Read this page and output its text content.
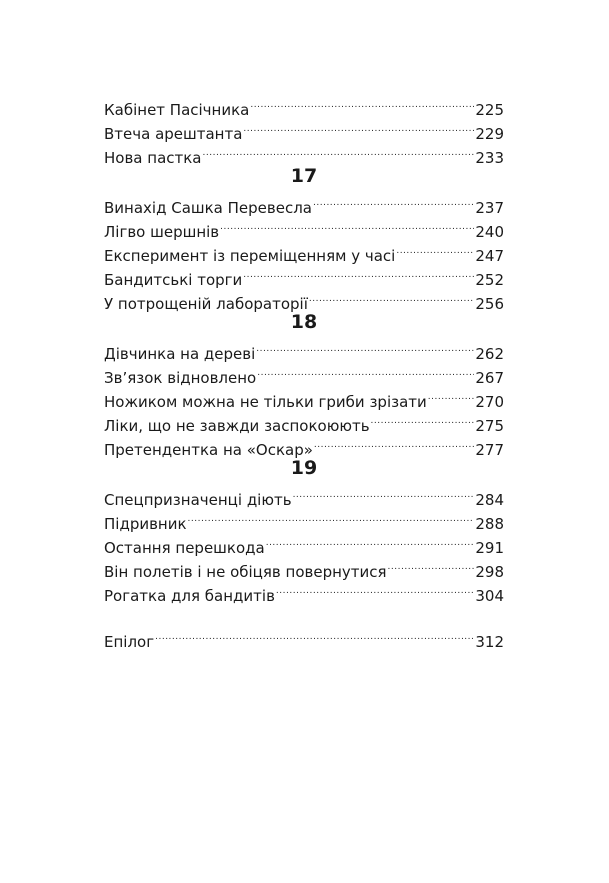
Кабінет Пасічника .....	225
Втеча арештанта .....	229
Нова пастка .....	233
17
Винахід Сашка Перевесла .....	237
Лігво шершнів .....	240
Експеримент із переміщенням у часі .....	247
Бандитські торги .....	252
У потрощеній лабораторії .....	256
18
Дівчинка на дереві .....	262
Зв’язок відновлено .....	267
Ножиком можна не тільки гриби зрізати .....	270
Ліки, що не завжди заспокоюють .....	275
Претендентка на «Оскар» .....	277
19
Спецпризначенці діють .....	284
Підривник .....	288
Остання перешкода .....	291
Він полетів і не обіцяв повернутися .....	298
Рогатка для бандитів .....	304
Епілог .....	312
